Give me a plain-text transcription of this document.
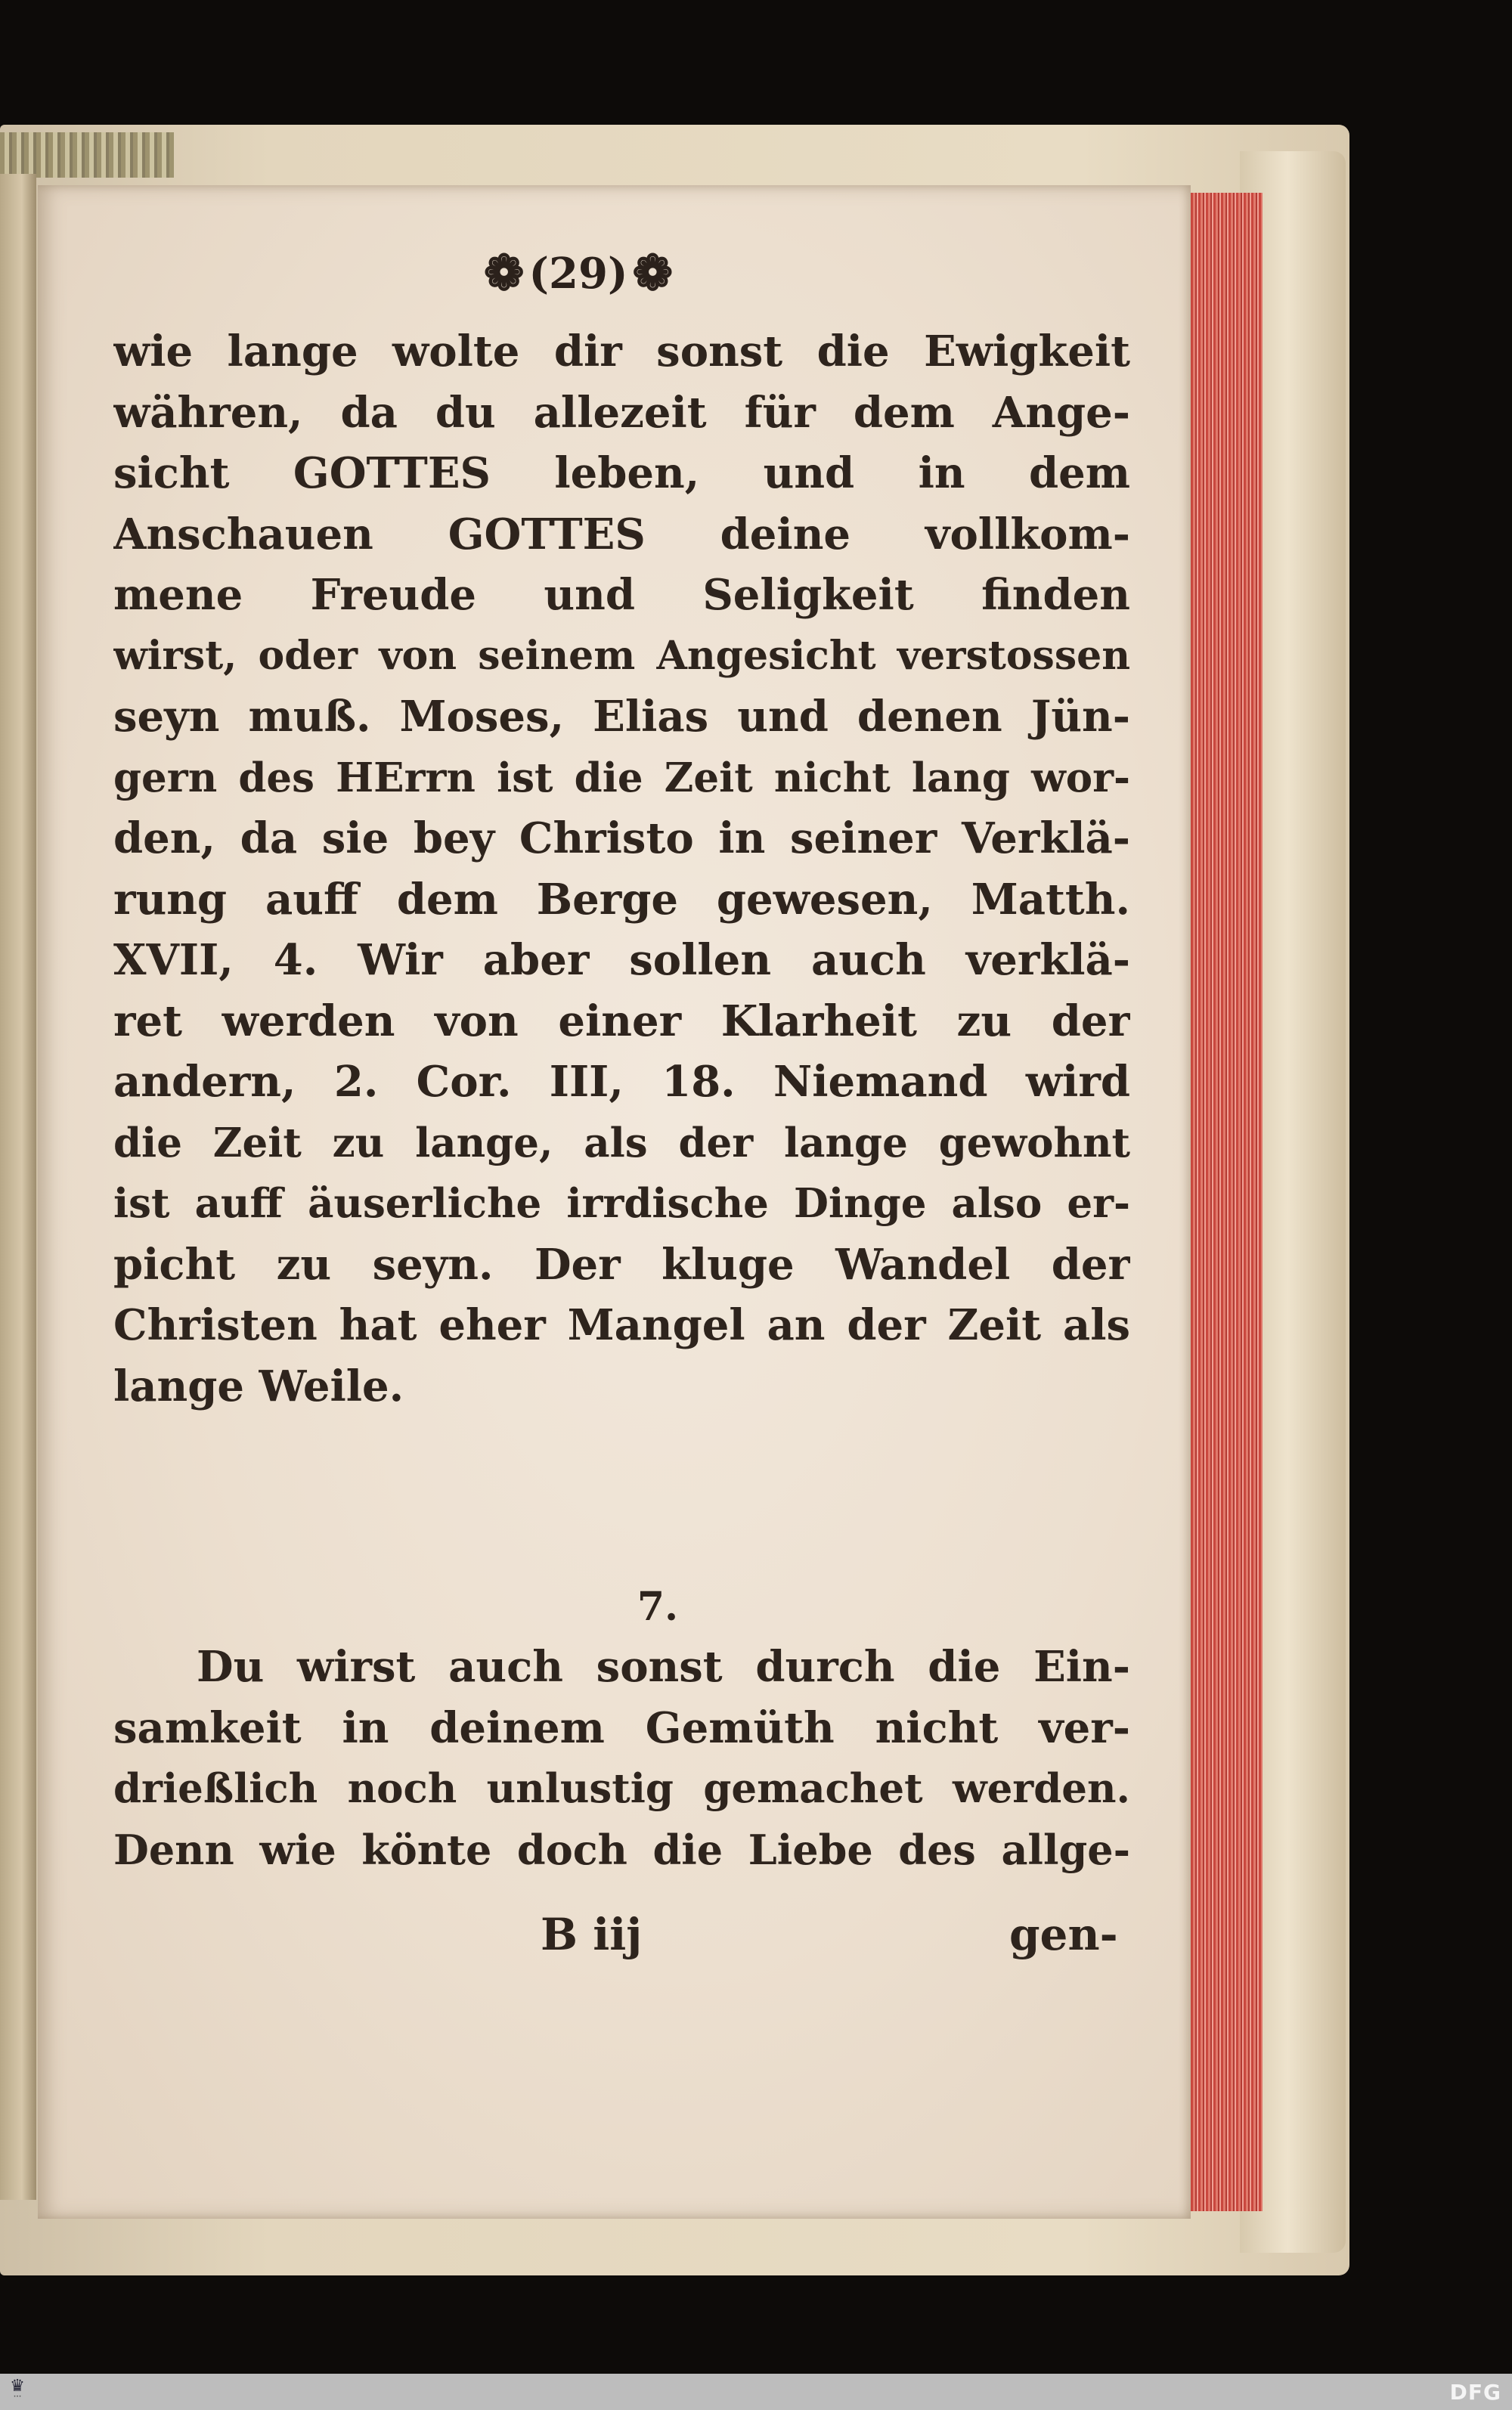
❁ (29) ❁
wie lange wolte dir sonst die Ewigkeit
währen, da du allezeit für dem Ange-
sicht GOTTES leben, und in dem
Anschauen GOTTES deine vollkom-
mene Freude und Seligkeit finden
wirst, oder von seinem Angesicht verstossen
seyn muß. Moses, Elias und denen Jün-
gern des HErrn ist die Zeit nicht lang wor-
den, da sie bey Christo in seiner Verklä-
rung auff dem Berge gewesen, Matth.
XVII, 4. Wir aber sollen auch verklä-
ret werden von einer Klarheit zu der
andern, 2. Cor. III, 18. Niemand wird
die Zeit zu lange, als der lange gewohnt
ist auff äuserliche irrdische Dinge also er-
picht zu seyn. Der kluge Wandel der
Christen hat eher Mangel an der Zeit als
lange Weile.
7.
Du wirst auch sonst durch die Ein-
samkeit in deinem Gemüth nicht ver-
drießlich noch unlustig gemachet werden.
Denn wie könte doch die Liebe des allge-
B iij	gen-
♛
•••	DFG
